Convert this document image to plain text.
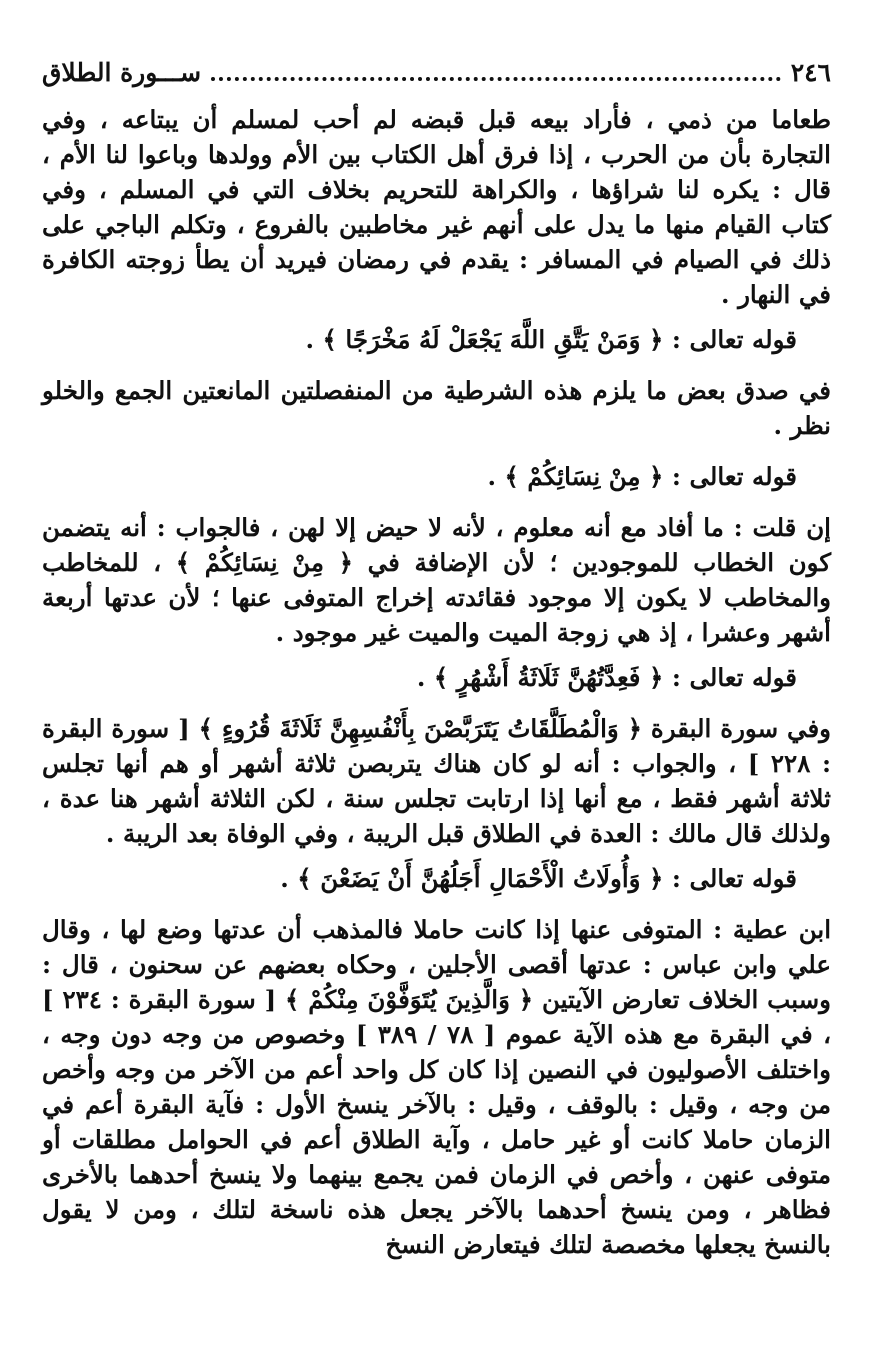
٢٤٦
ســـورة الطلاق

طعاما من ذمي ، فأراد بيعه قبل قبضه لم أحب لمسلم أن يبتاعه ، وفي التجارة بأن من الحرب ، إذا فرق أهل الكتاب بين الأم وولدها وباعوا لنا الأم ، قال : يكره لنا شراؤها ، والكراهة للتحريم بخلاف التي في المسلم ، وفي كتاب القيام منها ما يدل على أنهم غير مخاطبين بالفروع ، وتكلم الباجي على ذلك في الصيام في المسافر : يقدم في رمضان فيريد أن يطأ زوجته الكافرة في النهار .

قوله تعالى : ﴿ وَمَنْ يَتَّقِ اللَّهَ يَجْعَلْ لَهُ مَخْرَجًا ﴾ .

في صدق بعض ما يلزم هذه الشرطية من المنفصلتين المانعتين الجمع والخلو نظر .

قوله تعالى : ﴿ مِنْ نِسَائِكُمْ ﴾ .

إن قلت : ما أفاد مع أنه معلوم ، لأنه لا حيض إلا لهن ، فالجواب : أنه يتضمن كون الخطاب للموجودين ؛ لأن الإضافة في ﴿ مِنْ نِسَائِكُمْ ﴾ ، للمخاطب والمخاطب لا يكون إلا موجود فقائدته إخراج المتوفى عنها ؛ لأن عدتها أربعة أشهر وعشرا ، إذ هي زوجة الميت والميت غير موجود .

قوله تعالى : ﴿ فَعِدَّتُهُنَّ ثَلَاثَةُ أَشْهُرٍ ﴾ .

وفي سورة البقرة ﴿ وَالْمُطَلَّقَاتُ يَتَرَبَّصْنَ بِأَنْفُسِهِنَّ ثَلَاثَةَ قُرُوءٍ ﴾ [ سورة البقرة : ٢٢٨ ] ، والجواب : أنه لو كان هناك يتربصن ثلاثة أشهر أو هم أنها تجلس ثلاثة أشهر فقط ، مع أنها إذا ارتابت تجلس سنة ، لكن الثلاثة أشهر هنا عدة ، ولذلك قال مالك : العدة في الطلاق قبل الريبة ، وفي الوفاة بعد الريبة .

قوله تعالى : ﴿ وَأُولَاتُ الْأَحْمَالِ أَجَلُهُنَّ أَنْ يَضَعْنَ ﴾ .

ابن عطية : المتوفى عنها إذا كانت حاملا فالمذهب أن عدتها وضع لها ، وقال علي وابن عباس : عدتها أقصى الأجلين ، وحكاه بعضهم عن سحنون ، قال : وسبب الخلاف تعارض الآيتين ﴿ وَالَّذِينَ يُتَوَفَّوْنَ مِنْكُمْ ﴾ [ سورة البقرة : ٢٣٤ ] ، في البقرة مع هذه الآية عموم [ ٧٨ / ٣٨٩ ] وخصوص من وجه دون وجه ، واختلف الأصوليون في النصين إذا كان كل واحد أعم من الآخر من وجه وأخص من وجه ، وقيل : بالوقف ، وقيل : بالآخر ينسخ الأول : فآية البقرة أعم في الزمان حاملا كانت أو غير حامل ، وآية الطلاق أعم في الحوامل مطلقات أو متوفى عنهن ، وأخص في الزمان فمن يجمع بينهما ولا ينسخ أحدهما بالأخرى فظاهر ، ومن ينسخ أحدهما بالآخر يجعل هذه ناسخة لتلك ، ومن لا يقول بالنسخ يجعلها مخصصة لتلك فيتعارض النسخ
